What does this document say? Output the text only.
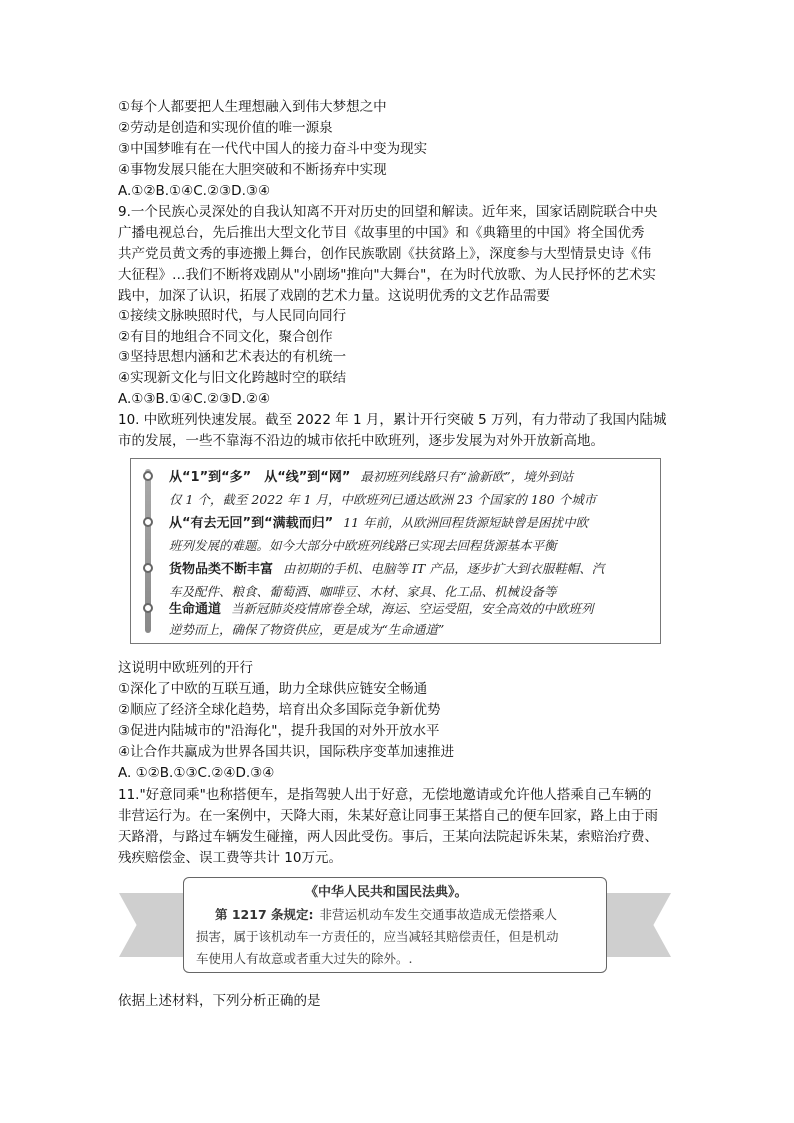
①每个人都要把人生理想融入到伟大梦想之中
②劳动是创造和实现价值的唯一源泉
③中国梦唯有在一代代中国人的接力奋斗中变为现实
④事物发展只能在大胆突破和不断扬弃中实现
A.①②B.①④C.②③D.③④
9.一个民族心灵深处的自我认知离不开对历史的回望和解读。近年来，国家话剧院联合中央
广播电视总台，先后推出大型文化节目《故事里的中国》和《典籍里的中国》将全国优秀
共产党员黄文秀的事迹搬上舞台，创作民族歌剧《扶贫路上》，深度参与大型情景史诗《伟
大征程》…我们不断将戏剧从"小剧场"推向"大舞台"，在为时代放歌、为人民抒怀的艺术实
践中，加深了认识，拓展了戏剧的艺术力量。这说明优秀的文艺作品需要
①接续文脉映照时代，与人民同向同行
②有目的地组合不同文化，聚合创作
③坚持思想内涵和艺术表达的有机统一
④实现新文化与旧文化跨越时空的联结
A.①③B.①④C.②③D.②④
10. 中欧班列快速发展。截至 2022 年 1 月，累计开行突破 5 万列，有力带动了我国内陆城
市的发展，一些不靠海不沿边的城市依托中欧班列，逐步发展为对外开放新高地。
从“1”到“多”　从“线”到“网” 最初班列线路只有“渝新欧”，境外到站
仅 1 个，截至 2022 年 1 月，中欧班列已通达欧洲 23 个国家的 180 个城市
从“有去无回”到“满载而归” 11 年前，从欧洲回程货源短缺曾是困扰中欧
班列发展的难题。如今大部分中欧班列线路已实现去回程货源基本平衡
货物品类不断丰富 由初期的手机、电脑等 IT 产品，逐步扩大到衣服鞋帽、汽
车及配件、粮食、葡萄酒、咖啡豆、木材、家具、化工品、机械设备等
生命通道 当新冠肺炎疫情席卷全球，海运、空运受阻，安全高效的中欧班列
逆势而上，确保了物资供应，更是成为“生命通道”
这说明中欧班列的开行
①深化了中欧的互联互通，助力全球供应链安全畅通
②顺应了经济全球化趋势，培育出众多国际竞争新优势
③促进内陆城市的"沿海化"，提升我国的对外开放水平
④让合作共赢成为世界各国共识，国际秩序变革加速推进
A. ①②B.①③C.②④D.③④
11."好意同乘"也称搭便车，是指驾驶人出于好意，无偿地邀请或允许他人搭乘自己车辆的
非营运行为。在一案例中，天降大雨，朱某好意让同事王某搭自己的便车回家，路上由于雨
天路滑，与路过车辆发生碰撞，两人因此受伤。事后，王某向法院起诉朱某，索赔治疗费、
残疾赔偿金、误工费等共计 10万元。
《中华人民共和国民法典》。
第 1217 条规定: 非营运机动车发生交通事故造成无偿搭乘人
损害，属于该机动车一方责任的，应当减轻其赔偿责任，但是机动
车使用人有故意或者重大过失的除外。.
依据上述材料，下列分析正确的是
